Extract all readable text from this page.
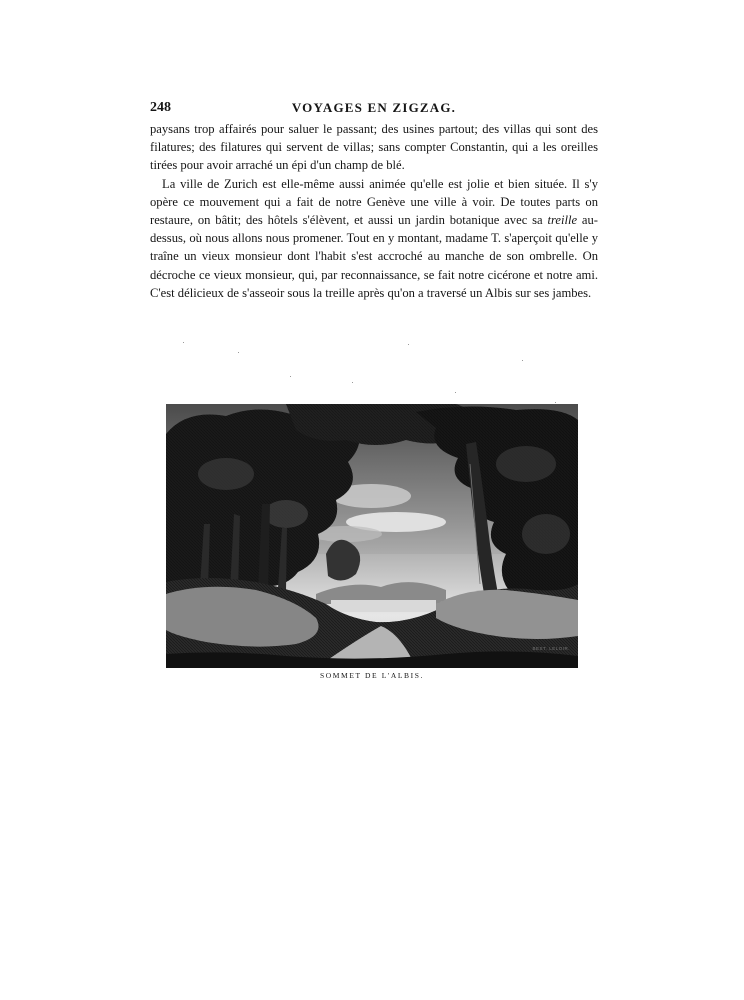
248	VOYAGES EN ZIGZAG.

paysans trop affairés pour saluer le passant; des usines partout; des villas qui sont des filatures; des filatures qui servent de villas; sans compter Constantin, qui a les oreilles tirées pour avoir arraché un épi d'un champ de blé.

La ville de Zurich est elle-même aussi animée qu'elle est jolie et bien située. Il s'y opère ce mouvement qui a fait de notre Genève une ville à voir. De toutes parts on restaure, on bâtit; des hôtels s'élèvent, et aussi un jardin botanique avec sa treille au-dessus, où nous allons nous promener. Tout en y montant, madame T. s'aperçoit qu'elle y traîne un vieux monsieur dont l'habit s'est accroché au manche de son ombrelle. On décroche ce vieux monsieur, qui, par reconnaissance, se fait notre cicérone et notre ami. C'est délicieux de s'asseoir sous la treille après qu'on a traversé un Albis sur ses jambes.

BEST. LELOIR.
SOMMET DE L'ALBIS.
